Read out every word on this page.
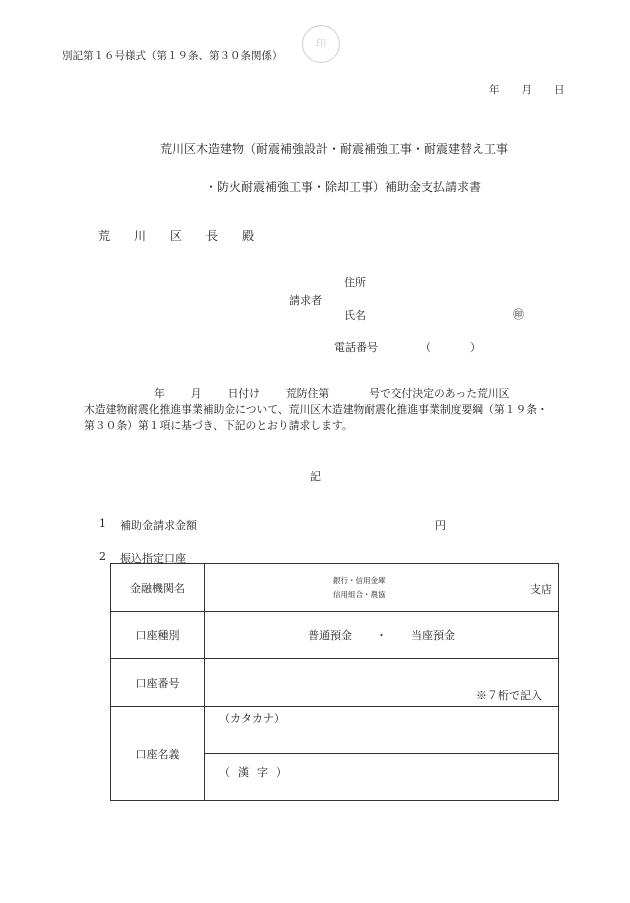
別記第１６号様式（第１９条、第３０条関係）
印
年 月 日
荒川区木造建物（耐震補強設計・耐震補強工事・耐震建替え工事
・防火耐震補強工事・除却工事）補助金支払請求書
荒 川 区 長 殿
住所
請求者
氏名	㊞
電話番号	（	）
年 月 日付け 荒防住第	号で交付決定のあった荒川区
木造建物耐震化推進事業補助金について、荒川区木造建物耐震化推進事業制度要綱（第１９条・
第３０条）第１項に基づき、下記のとおり請求します。
記
1 補助金請求金額	円
2 振込指定口座
金融機関名	銀行・信用金庫
信用組合・農協 支店

口座種別	普通預金 ・ 当座預金
口座番号	※７桁で記入

口座名義	（カタカナ）

	（ 漢 字 ）
